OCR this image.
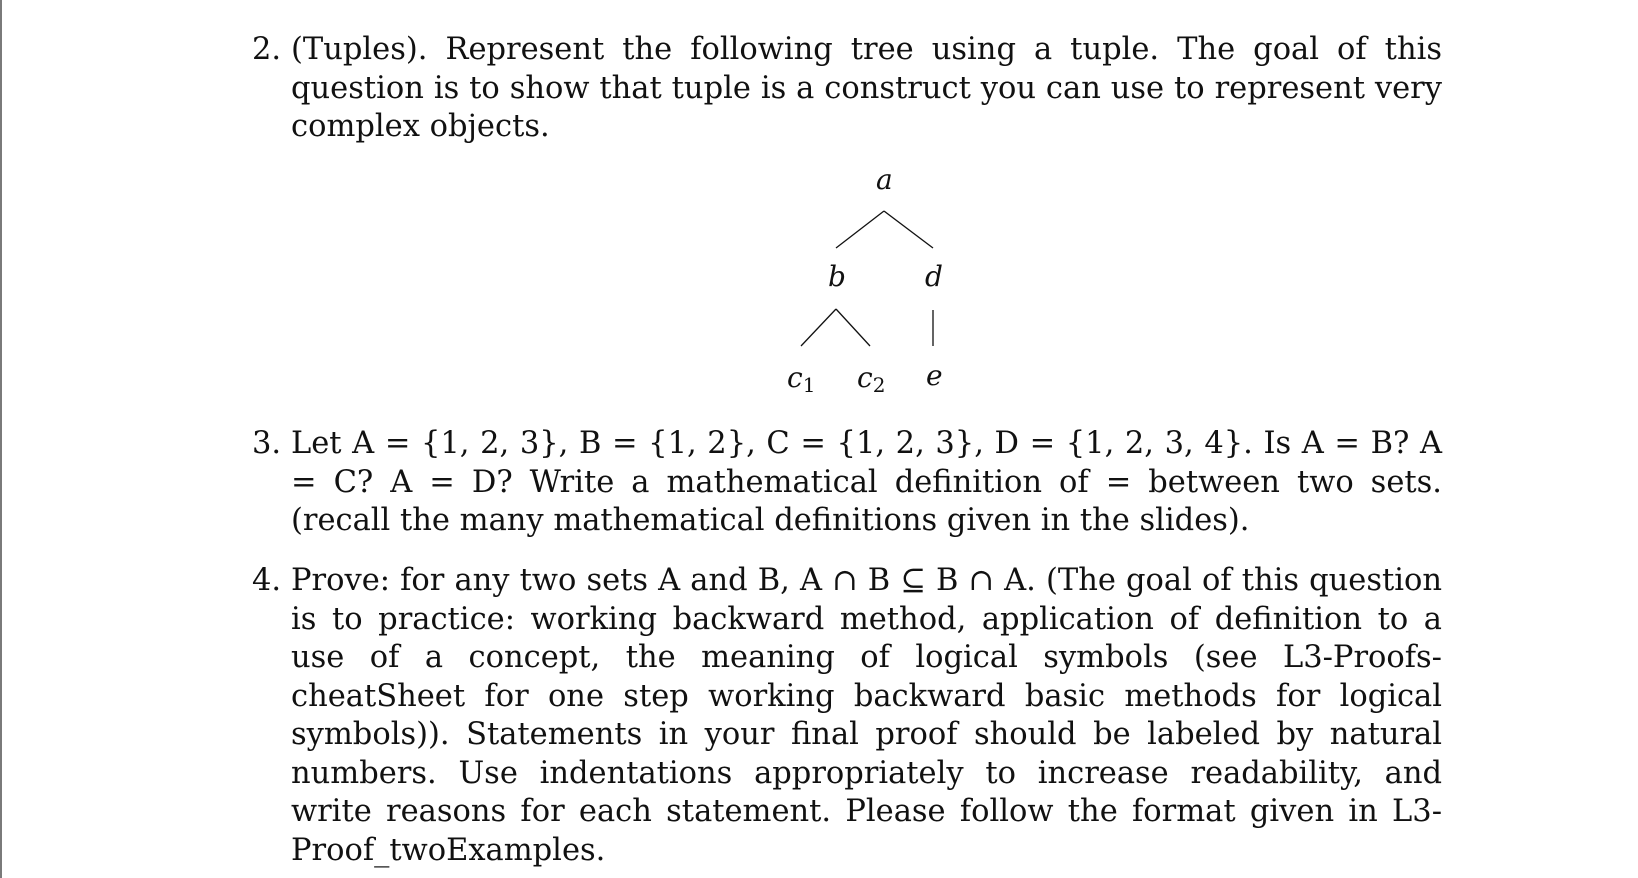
2. (Tuples). Represent the following tree using a tuple. The goal of this question is to show that tuple is a construct you can use to represent very complex objects.

3. Let A = {1, 2, 3}, B = {1, 2}, C = {1, 2, 3}, D = {1, 2, 3, 4}. Is A = B? A = C? A = D? Write a mathematical definition of = between two sets. (recall the many mathematical definitions given in the slides).

4. Prove: for any two sets A and B, A ∩ B ⊆ B ∩ A. (The goal of this question is to practice: working backward method, application of definition to a use of a concept, the meaning of logical symbols (see L3-Proofs-cheatSheet for one step working backward basic methods for logical symbols)). Statements in your final proof should be labeled by natural numbers. Use indentations appropriately to increase readability, and write reasons for each statement. Please follow the format given in L3-Proof_twoExamples.

a
b	d
c1 c2 e
